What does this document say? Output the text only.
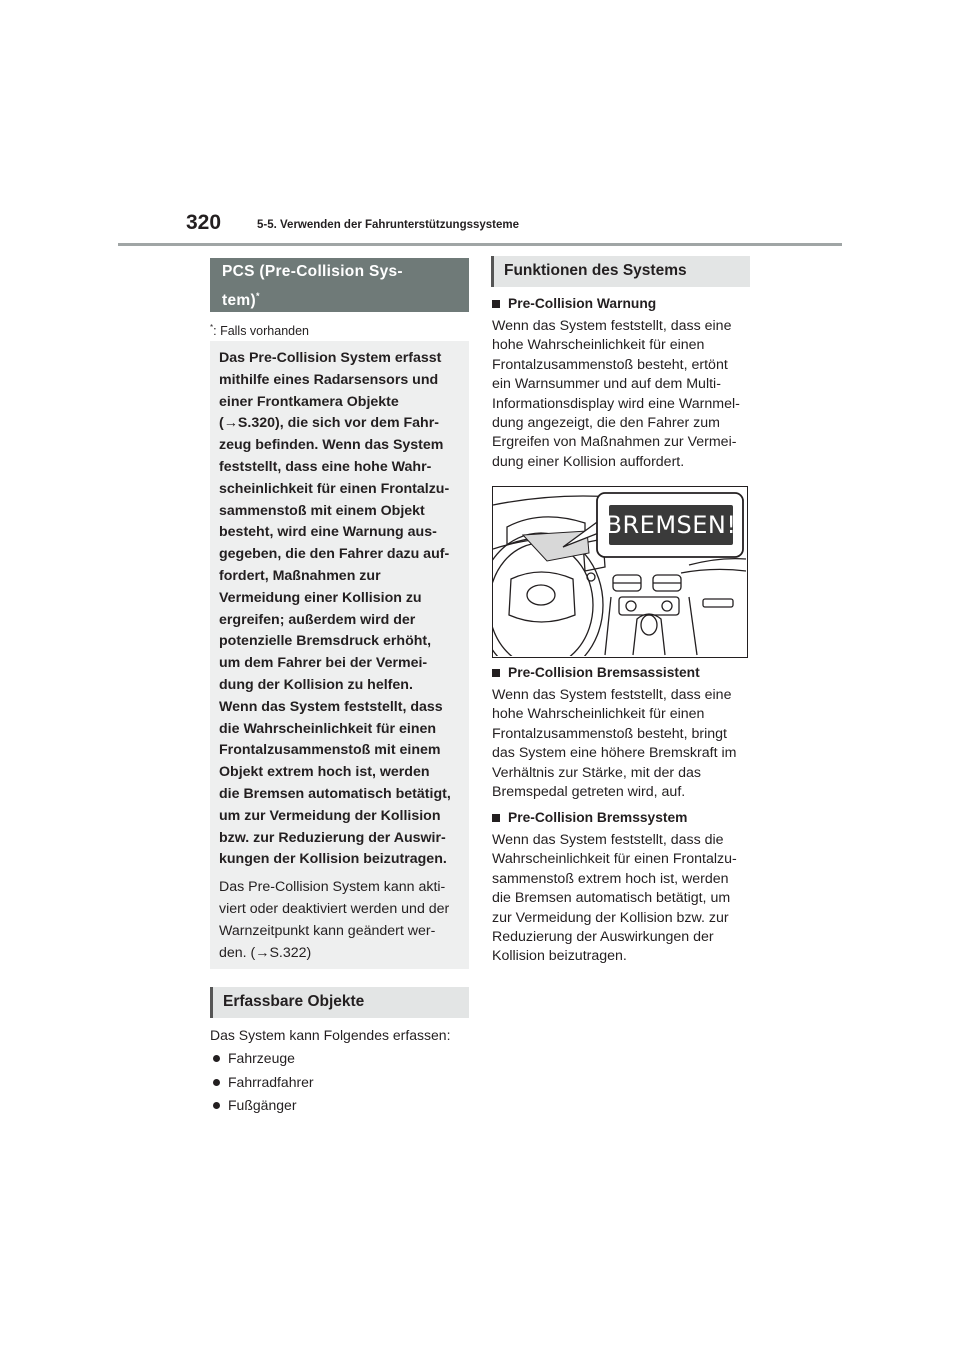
320	5-5. Verwenden der Fahrunterstützungssysteme
PCS (Pre-Collision Sys-
tem)*
*: Falls vorhanden

Das Pre-Collision System erfasst
mithilfe eines Radarsensors und
einer Frontkamera Objekte
(→S.320), die sich vor dem Fahr-
zeug befinden. Wenn das System
feststellt, dass eine hohe Wahr-
scheinlichkeit für einen Frontalzu-
sammenstoß mit einem Objekt
besteht, wird eine Warnung aus-
gegeben, die den Fahrer dazu auf-
fordert, Maßnahmen zur
Vermeidung einer Kollision zu
ergreifen; außerdem wird der
potenzielle Bremsdruck erhöht,
um dem Fahrer bei der Vermei-
dung der Kollision zu helfen.
Wenn das System feststellt, dass
die Wahrscheinlichkeit für einen
Frontalzusammenstoß mit einem
Objekt extrem hoch ist, werden
die Bremsen automatisch betätigt,
um zur Vermeidung der Kollision
bzw. zur Reduzierung der Auswir-
kungen der Kollision beizutragen.

Das Pre-Collision System kann akti-
viert oder deaktiviert werden und der
Warnzeitpunkt kann geändert wer-
den. (→S.322)

Erfassbare Objekte
Das System kann Folgendes erfassen:
Fahrzeuge
Fahrradfahrer
Fußgänger
Funktionen des Systems
Pre-Collision Warnung

Wenn das System feststellt, dass eine
hohe Wahrscheinlichkeit für einen
Frontalzusammenstoß besteht, ertönt
ein Warnsummer und auf dem Multi-
Informationsdisplay wird eine Warnmel-
dung angezeigt, die den Fahrer zum
Ergreifen von Maßnahmen zur Vermei-
dung einer Kollision auffordert.

BREMSEN!
Pre-Collision Bremsassistent

Wenn das System feststellt, dass eine
hohe Wahrscheinlichkeit für einen
Frontalzusammenstoß besteht, bringt
das System eine höhere Bremskraft im
Verhältnis zur Stärke, mit der das
Bremspedal getreten wird, auf.

Pre-Collision Bremssystem

Wenn das System feststellt, dass die
Wahrscheinlichkeit für einen Frontalzu-
sammenstoß extrem hoch ist, werden
die Bremsen automatisch betätigt, um
zur Vermeidung der Kollision bzw. zur
Reduzierung der Auswirkungen der
Kollision beizutragen.
